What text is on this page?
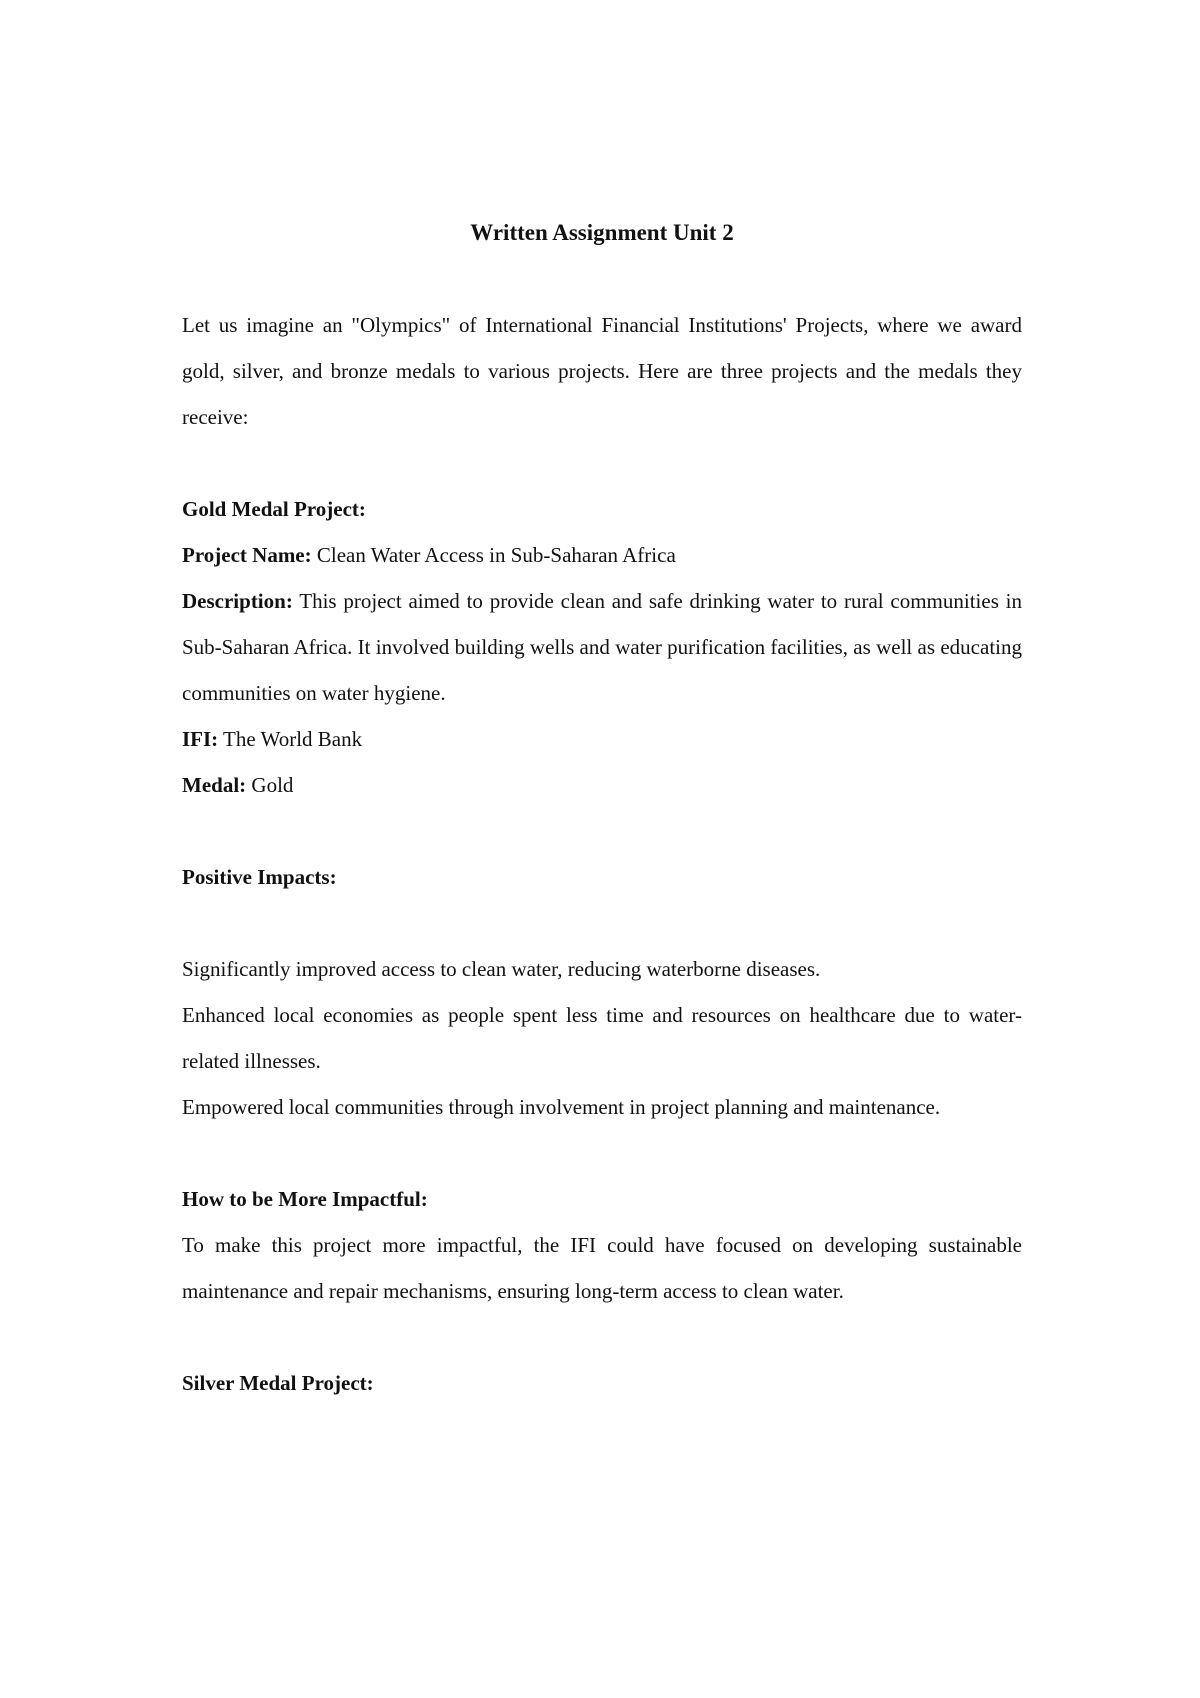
Written Assignment Unit 2

Let us imagine an "Olympics" of International Financial Institutions' Projects, where we award gold, silver, and bronze medals to various projects. Here are three projects and the medals they receive:

Gold Medal Project:

Project Name: Clean Water Access in Sub-Saharan Africa

Description: This project aimed to provide clean and safe drinking water to rural communities in Sub-Saharan Africa. It involved building wells and water purification facilities, as well as educating communities on water hygiene.

IFI: The World Bank

Medal: Gold

Positive Impacts:

Significantly improved access to clean water, reducing waterborne diseases.

Enhanced local economies as people spent less time and resources on healthcare due to water-related illnesses.

Empowered local communities through involvement in project planning and maintenance.

How to be More Impactful:

To make this project more impactful, the IFI could have focused on developing sustainable maintenance and repair mechanisms, ensuring long-term access to clean water.

Silver Medal Project:
